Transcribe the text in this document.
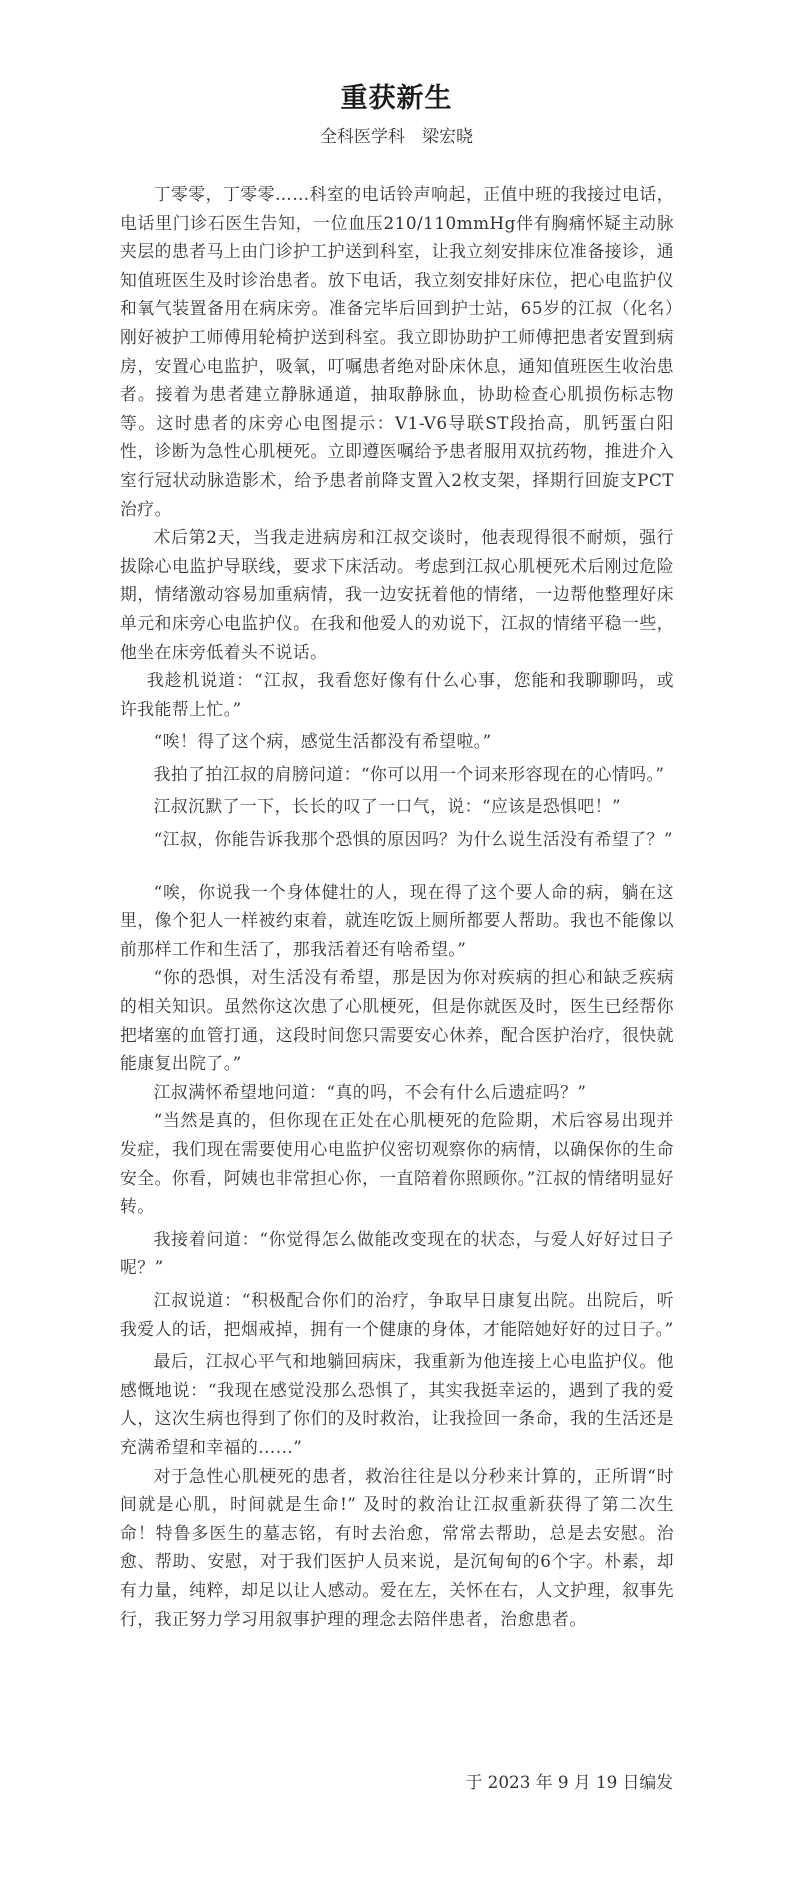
重获新生
全科医学科　梁宏晓

丁零零，丁零零……科室的电话铃声响起，正值中班的我接过电话，电话里门诊石医生告知，一位血压210/110mmHg伴有胸痛怀疑主动脉夹层的患者马上由门诊护工护送到科室，让我立刻安排床位准备接诊，通知值班医生及时诊治患者。放下电话，我立刻安排好床位，把心电监护仪和氧气装置备用在病床旁。准备完毕后回到护士站，65岁的江叔（化名）刚好被护工师傅用轮椅护送到科室。我立即协助护工师傅把患者安置到病房，安置心电监护，吸氧，叮嘱患者绝对卧床休息，通知值班医生收治患者。接着为患者建立静脉通道，抽取静脉血，协助检查心肌损伤标志物等。这时患者的床旁心电图提示：V1-V6导联ST段抬高，肌钙蛋白阳性，诊断为急性心肌梗死。立即遵医嘱给予患者服用双抗药物，推进介入室行冠状动脉造影术，给予患者前降支置入2枚支架，择期行回旋支PCT治疗。

术后第2天，当我走进病房和江叔交谈时，他表现得很不耐烦，强行拔除心电监护导联线，要求下床活动。考虑到江叔心肌梗死术后刚过危险期，情绪激动容易加重病情，我一边安抚着他的情绪，一边帮他整理好床单元和床旁心电监护仪。在我和他爱人的劝说下，江叔的情绪平稳一些，他坐在床旁低着头不说话。

我趁机说道：“江叔，我看您好像有什么心事，您能和我聊聊吗，或许我能帮上忙。”

“唉！得了这个病，感觉生活都没有希望啦。”

我拍了拍江叔的肩膀问道：“你可以用一个词来形容现在的心情吗。”

江叔沉默了一下，长长的叹了一口气，说：“应该是恐惧吧！”

“江叔，你能告诉我那个恐惧的原因吗？为什么说生活没有希望了？”

“唉，你说我一个身体健壮的人，现在得了这个要人命的病，躺在这里，像个犯人一样被约束着，就连吃饭上厕所都要人帮助。我也不能像以前那样工作和生活了，那我活着还有啥希望。”

“你的恐惧，对生活没有希望，那是因为你对疾病的担心和缺乏疾病的相关知识。虽然你这次患了心肌梗死，但是你就医及时，医生已经帮你把堵塞的血管打通，这段时间您只需要安心休养，配合医护治疗，很快就能康复出院了。”

江叔满怀希望地问道：“真的吗，不会有什么后遗症吗？”

“当然是真的，但你现在正处在心肌梗死的危险期，术后容易出现并发症，我们现在需要使用心电监护仪密切观察你的病情，以确保你的生命安全。你看，阿姨也非常担心你，一直陪着你照顾你。”江叔的情绪明显好转。

我接着问道：“你觉得怎么做能改变现在的状态，与爱人好好过日子呢？”

江叔说道：“积极配合你们的治疗，争取早日康复出院。出院后，听我爱人的话，把烟戒掉，拥有一个健康的身体，才能陪她好好的过日子。”

最后，江叔心平气和地躺回病床，我重新为他连接上心电监护仪。他感慨地说：“我现在感觉没那么恐惧了，其实我挺幸运的，遇到了我的爱人，这次生病也得到了你们的及时救治，让我捡回一条命，我的生活还是充满希望和幸福的......”

对于急性心肌梗死的患者，救治往往是以分秒来计算的，正所谓“时间就是心肌，时间就是生命!” 及时的救治让江叔重新获得了第二次生命！特鲁多医生的墓志铭，有时去治愈，常常去帮助，总是去安慰。治愈、帮助、安慰，对于我们医护人员来说，是沉甸甸的6个字。朴素，却有力量，纯粹，却足以让人感动。爱在左，关怀在右，人文护理，叙事先行，我正努力学习用叙事护理的理念去陪伴患者，治愈患者。

于 2023 年 9 月 19 日编发
